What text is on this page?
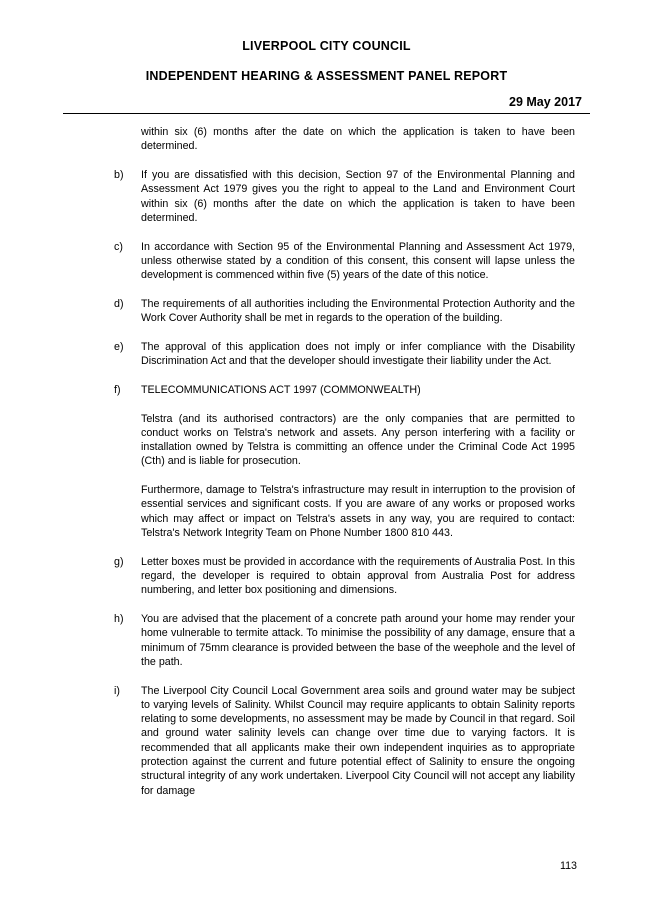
LIVERPOOL CITY COUNCIL
INDEPENDENT HEARING & ASSESSMENT PANEL REPORT
29 May 2017

within six (6) months after the date on which the application is taken to have been determined.

b)	If you are dissatisfied with this decision, Section 97 of the Environmental Planning and Assessment Act 1979 gives you the right to appeal to the Land and Environment Court within six (6) months after the date on which the application is taken to have been determined.
c)	In accordance with Section 95 of the Environmental Planning and Assessment Act 1979, unless otherwise stated by a condition of this consent, this consent will lapse unless the development is commenced within five (5) years of the date of this notice.
d)	The requirements of all authorities including the Environmental Protection Authority and the Work Cover Authority shall be met in regards to the operation of the building.
e)	The approval of this application does not imply or infer compliance with the Disability Discrimination Act and that the developer should investigate their liability under the Act.
f)	TELECOMMUNICATIONS ACT 1997 (COMMONWEALTH)
Telstra (and its authorised contractors) are the only companies that are permitted to conduct works on Telstra's network and assets. Any person interfering with a facility or installation owned by Telstra is committing an offence under the Criminal Code Act 1995 (Cth) and is liable for prosecution.
Furthermore, damage to Telstra's infrastructure may result in interruption to the provision of essential services and significant costs. If you are aware of any works or proposed works which may affect or impact on Telstra's assets in any way, you are required to contact: Telstra's Network Integrity Team on Phone Number 1800 810 443.
g)	Letter boxes must be provided in accordance with the requirements of Australia Post. In this regard, the developer is required to obtain approval from Australia Post for address numbering, and letter box positioning and dimensions.
h)	You are advised that the placement of a concrete path around your home may render your home vulnerable to termite attack. To minimise the possibility of any damage, ensure that a minimum of 75mm clearance is provided between the base of the weephole and the level of the path.
i)	The Liverpool City Council Local Government area soils and ground water may be subject to varying levels of Salinity. Whilst Council may require applicants to obtain Salinity reports relating to some developments, no assessment may be made by Council in that regard. Soil and ground water salinity levels can change over time due to varying factors. It is recommended that all applicants make their own independent inquiries as to appropriate protection against the current and future potential effect of Salinity to ensure the ongoing structural integrity of any work undertaken. Liverpool City Council will not accept any liability for damage
113
